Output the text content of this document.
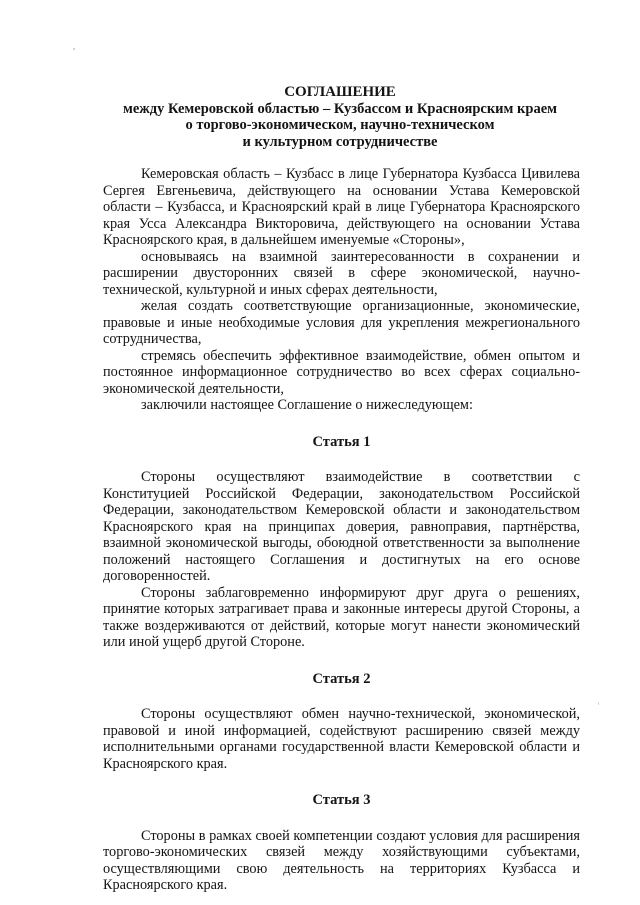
СОГЛАШЕНИЕ
между Кемеровской областью – Кузбассом и Красноярским краем
о торгово-экономическом, научно-техническом
и культурном сотрудничестве

Кемеровская область – Кузбасс в лице Губернатора Кузбасса Цивилева Сергея Евгеньевича, действующего на основании Устава Кемеровской области – Кузбасса, и Красноярский край в лице Губернатора Красноярского края Усса Александра Викторовича, действующего на основании Устава Красноярского края, в дальнейшем именуемые «Стороны»,

основываясь на взаимной заинтересованности в сохранении и расширении двусторонних связей в сфере экономической, научно-технической, культурной и иных сферах деятельности,

желая создать соответствующие организационные, экономические, правовые и иные необходимые условия для укрепления межрегионального сотрудничества,

стремясь обеспечить эффективное взаимодействие, обмен опытом и постоянное информационное сотрудничество во всех сферах социально-экономической деятельности,

заключили настоящее Соглашение о нижеследующем:

Статья 1

Стороны осуществляют взаимодействие в соответствии с Конституцией Российской Федерации, законодательством Российской Федерации, законодательством Кемеровской области и законодательством Красноярского края на принципах доверия, равноправия, партнёрства, взаимной экономической выгоды, обоюдной ответственности за выполнение положений настоящего Соглашения и достигнутых на его основе договоренностей.

Стороны заблаговременно информируют друг друга о решениях, принятие которых затрагивает права и законные интересы другой Стороны, а также воздерживаются от действий, которые могут нанести экономический или иной ущерб другой Стороне.

Статья 2

Стороны осуществляют обмен научно-технической, экономической, правовой и иной информацией, содействуют расширению связей между исполнительными органами государственной власти Кемеровской области и Красноярского края.

Статья 3

Стороны в рамках своей компетенции создают условия для расширения торгово-экономических связей между хозяйствующими субъектами, осуществляющими свою деятельность на территориях Кузбасса и Красноярского края.
